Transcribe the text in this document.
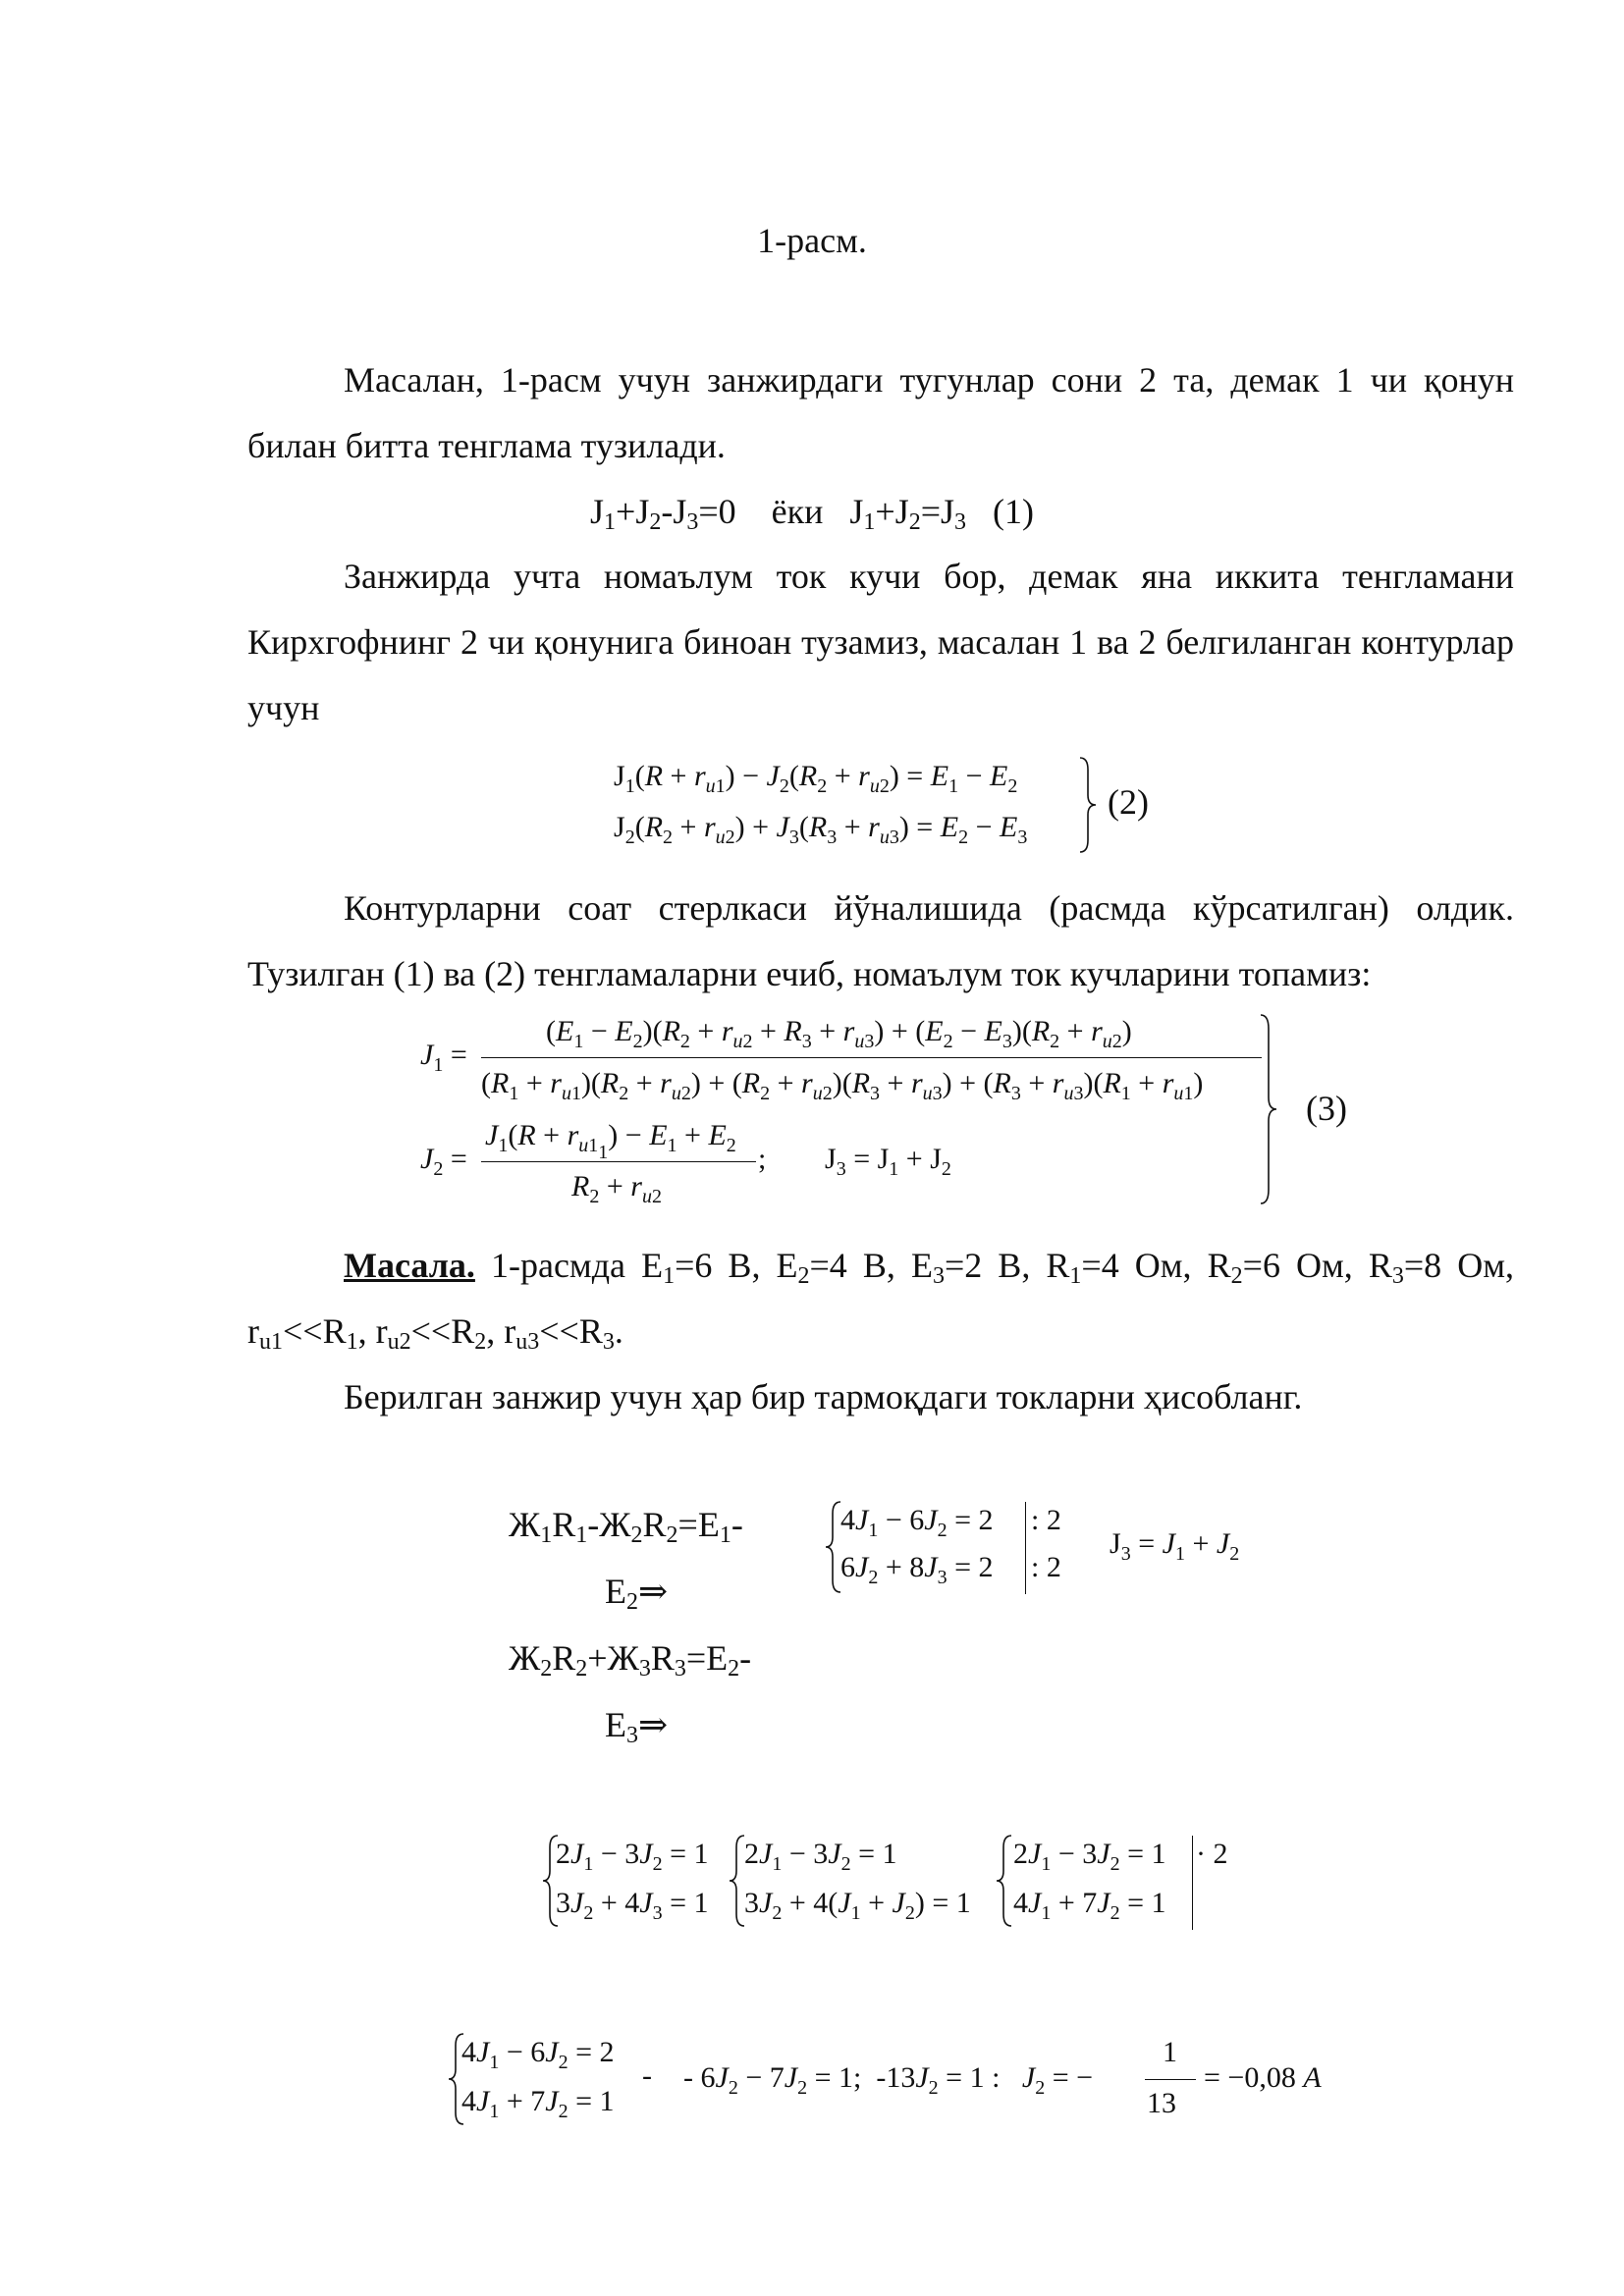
1-расм.

Масалан, 1-расм учун занжирдаги тугунлар сони 2 та, демак 1 чи қонун билан битта тенглама тузилади.

$J_1+J_2-J_3=0$ ёки $J_1+J_2=J_3$ (1)

Занжирда учта номаълум ток кучи бор, демак яна иккита тенгламани Кирхгофнинг 2 чи қонунига биноан тузамиз, масалан 1 ва 2 белгиланган контурлар учун

$J_1(R + r_{u1}) - J_2(R_2 + r_{u2}) = E_1 - E_2$
$J_2(R_2 + r_{u2}) + J_3(R_3 + r_{u3}) = E_2 - E_3$
(2)

Контурларни соат стерлкаси йўналишида (расмда кўрсатилган) олдик. Тузилган (1) ва (2) тенгламаларни ечиб, номаълум ток кучларини топамиз:

$J_1$ =
$(E_1 - E_2)(R_2 + r_{u2} + R_3 + r_{u3}) + (E_2 - E_3)(R_2 + r_{u2})$
$(R_1 + r_{u1})(R_2 + r_{u2}) + (R_2 + r_{u2})(R_3 + r_{u3}) + (R_3 + r_{u3})(R_1 + r_{u1})$
$J_2$ =
$J_1(R + r_{u1_1}) - E_1 + E_2$
$R_2 + r_{u2}$
; $J_3 = J_1 + J_2$
(3)

Масала. 1-расмда $Е_1=6$ В, $Е_2=4$ В, $Е_3=2$ В, $R_1=4$ Ом, $R_2=6$ Ом, $R_3=8$ Ом, $r_{u1}<<R_1$, $r_{u2}<<R_2$, $r_{u3}<<R_3$.

Берилган занжир учун ҳар бир тармоқдаги токларни ҳисобланг.

$Ж_1R_1-Ж_2R_2=E_1-$
$E_2\Rightarrow$
$Ж_2R_2+Ж_3R_3=E_2-$
$E_3\Rightarrow$
$4J_1 - 6J_2 = 2$
$6J_2 + 8J_3 = 2$
: 2
: 2
$J_3 = J_1 + J_2$
$2J_1 - 3J_2 = 1$
$3J_2 + 4J_3 = 1$
$2J_1 - 3J_2 = 1$
$3J_2 + 4(J_1 + J_2) = 1$
$2J_1 - 3J_2 = 1$
$4J_1 + 7J_2 = 1$
· 2
$4J_1 - 6J_2 = 2$
$4J_1 + 7J_2 = 1$
- - $6J_2 - 7J_2 = 1$;  $-13J_2 = 1$ :   $J_2$ = −
1
13
= −0,08 A
